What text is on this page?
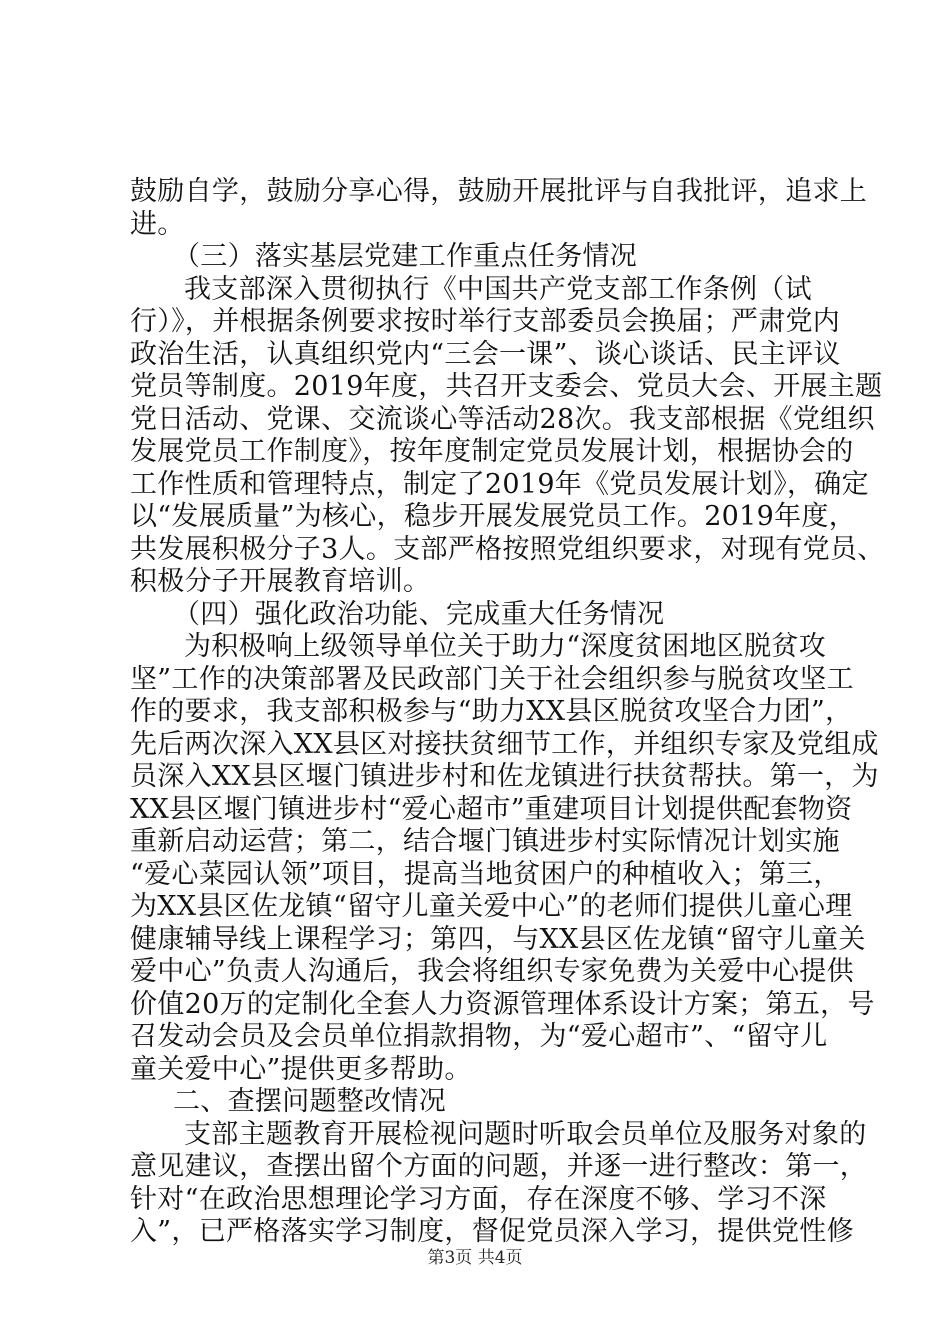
鼓励自学，鼓励分享心得，鼓励开展批评与自我批评，追求上
进。
（三）落实基层党建工作重点任务情况
我支部深入贯彻执行《中国共产党支部工作条例（试
行）》，并根据条例要求按时举行支部委员会换届；严肃党内
政治生活，认真组织党内“三会一课”、谈心谈话、民主评议
党员等制度。2019年度，共召开支委会、党员大会、开展主题
党日活动、党课、交流谈心等活动28次。我支部根据《党组织
发展党员工作制度》，按年度制定党员发展计划，根据协会的
工作性质和管理特点，制定了2019年《党员发展计划》，确定
以“发展质量”为核心，稳步开展发展党员工作。2019年度，
共发展积极分子3人。支部严格按照党组织要求，对现有党员、
积极分子开展教育培训。
（四）强化政治功能、完成重大任务情况
为积极响上级领导单位关于助力“深度贫困地区脱贫攻
坚”工作的决策部署及民政部门关于社会组织参与脱贫攻坚工
作的要求，我支部积极参与“助力XX县区脱贫攻坚合力团”，
先后两次深入XX县区对接扶贫细节工作，并组织专家及党组成
员深入XX县区堰门镇进步村和佐龙镇进行扶贫帮扶。第一，为
XX县区堰门镇进步村“爱心超市”重建项目计划提供配套物资
重新启动运营；第二，结合堰门镇进步村实际情况计划实施
“爱心菜园认领”项目，提高当地贫困户的种植收入；第三，
为XX县区佐龙镇“留守儿童关爱中心”的老师们提供儿童心理
健康辅导线上课程学习；第四，与XX县区佐龙镇“留守儿童关
爱中心”负责人沟通后，我会将组织专家免费为关爱中心提供
价值20万的定制化全套人力资源管理体系设计方案；第五，号
召发动会员及会员单位捐款捐物，为“爱心超市”、“留守儿
童关爱中心”提供更多帮助。
二、查摆问题整改情况
支部主题教育开展检视问题时听取会员单位及服务对象的
意见建议，查摆出留个方面的问题，并逐一进行整改：第一，
针对“在政治思想理论学习方面，存在深度不够、学习不深
入”，已严格落实学习制度，督促党员深入学习，提供党性修
第3页 共4页
